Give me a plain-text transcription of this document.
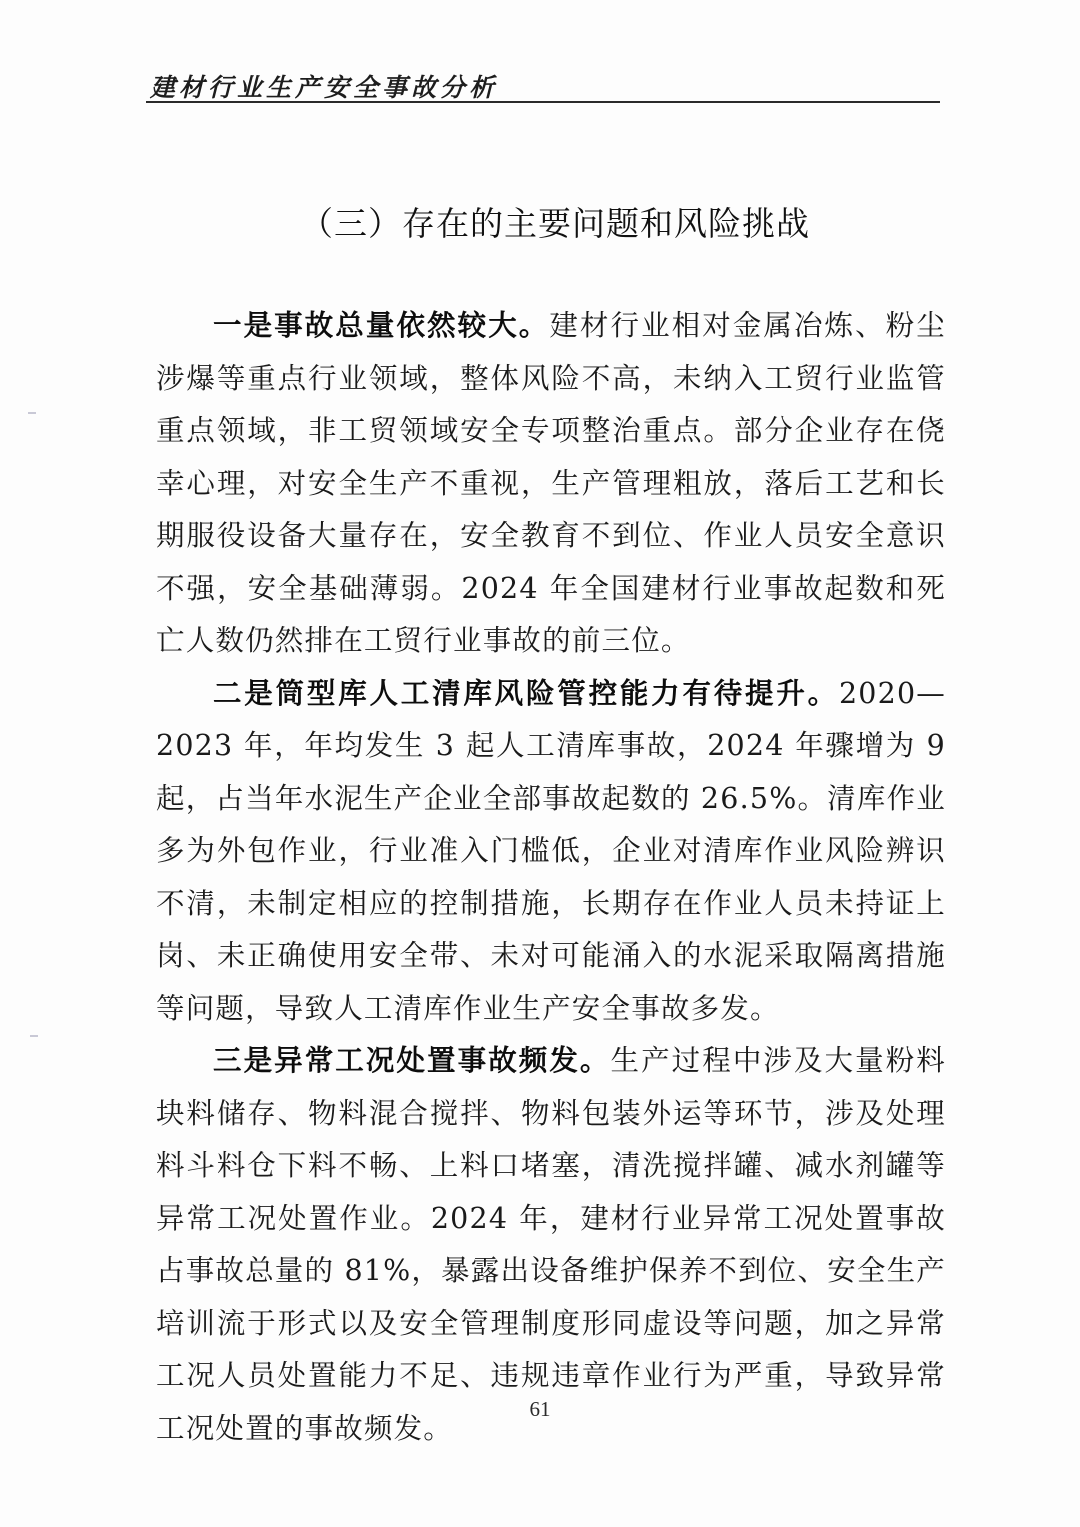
建材行业生产安全事故分析
（三）存在的主要问题和风险挑战

一是事故总量依然较大。建材行业相对金属冶炼、粉尘涉爆等重点行业领域，整体风险不高，未纳入工贸行业监管重点领域，非工贸领域安全专项整治重点。部分企业存在侥幸心理，对安全生产不重视，生产管理粗放，落后工艺和长期服役设备大量存在，安全教育不到位、作业人员安全意识不强，安全基础薄弱。2024 年全国建材行业事故起数和死亡人数仍然排在工贸行业事故的前三位。

二是筒型库人工清库风险管控能力有待提升。2020—2023 年，年均发生 3 起人工清库事故，2024 年骤增为 9 起，占当年水泥生产企业全部事故起数的 26.5%。清库作业多为外包作业，行业准入门槛低，企业对清库作业风险辨识不清，未制定相应的控制措施，长期存在作业人员未持证上岗、未正确使用安全带、未对可能涌入的水泥采取隔离措施等问题，导致人工清库作业生产安全事故多发。

三是异常工况处置事故频发。生产过程中涉及大量粉料块料储存、物料混合搅拌、物料包装外运等环节，涉及处理料斗料仓下料不畅、上料口堵塞，清洗搅拌罐、减水剂罐等异常工况处置作业。2024 年，建材行业异常工况处置事故占事故总量的 81%，暴露出设备维护保养不到位、安全生产培训流于形式以及安全管理制度形同虚设等问题，加之异常工况人员处置能力不足、违规违章作业行为严重，导致异常工况处置的事故频发。

61
